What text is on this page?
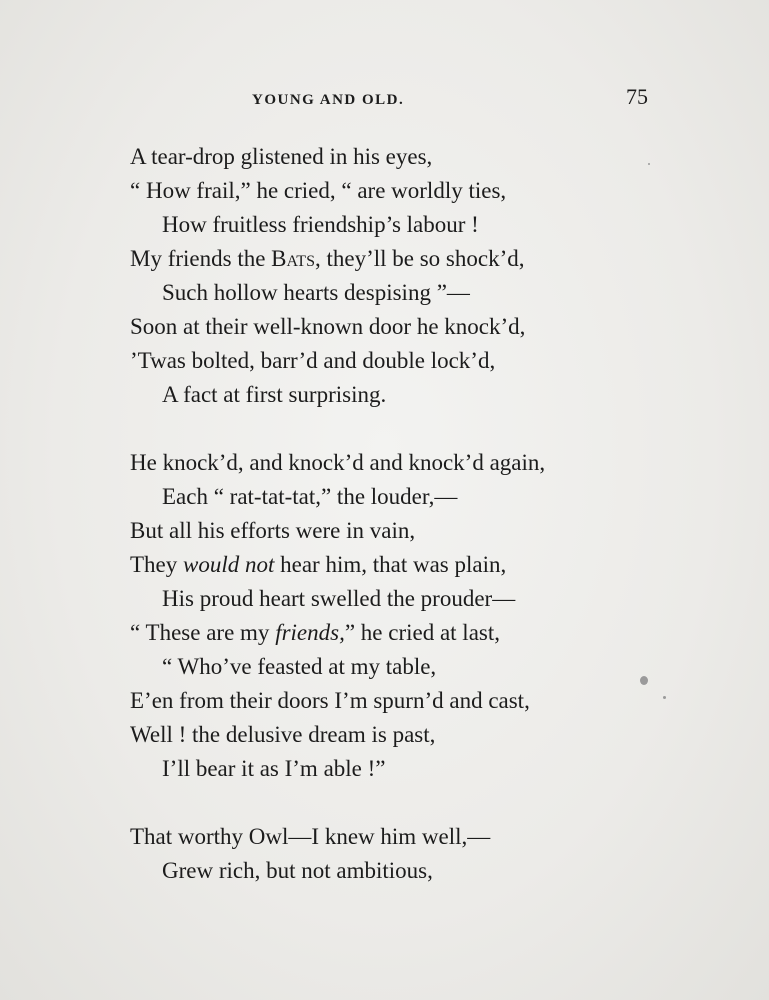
YOUNG AND OLD.	75
A tear-drop glistened in his eyes,
“ How frail,” he cried, “ are worldly ties,
How fruitless friendship’s labour !
My friends the Bats, they’ll be so shock’d,
Such hollow hearts despising ”—
Soon at their well-known door he knock’d,
’Twas bolted, barr’d and double lock’d,
A fact at first surprising.
He knock’d, and knock’d and knock’d again,
Each “ rat-tat-tat,” the louder,—
But all his efforts were in vain,
They would not hear him, that was plain,
His proud heart swelled the prouder—
“ These are my friends,” he cried at last,
“ Who’ve feasted at my table,
E’en from their doors I’m spurn’d and cast,
Well ! the delusive dream is past,
I’ll bear it as I’m able !”
That worthy Owl—I knew him well,—
Grew rich, but not ambitious,
